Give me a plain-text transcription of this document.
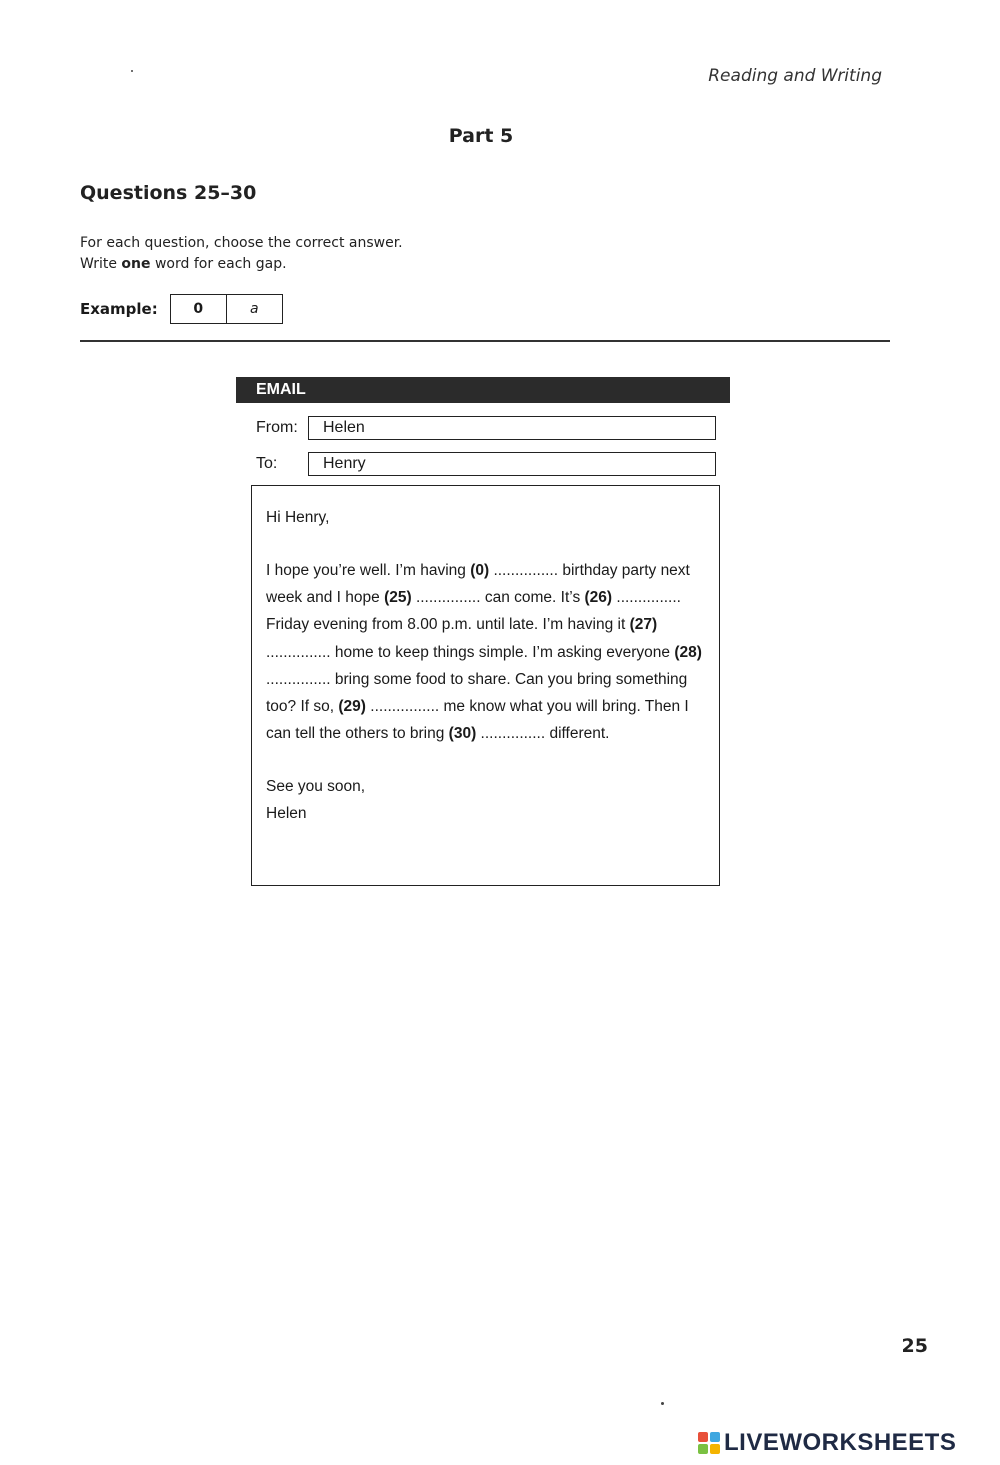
Reading and Writing
Part 5
Questions 25–30
For each question, choose the correct answer.
Write one word for each gap.
Example:	0	a
EMAIL
From:	Helen
To:	Henry

Hi Henry,

I hope you’re well. I’m having (0) ............... birthday party next week and I hope (25) ............... can come. It’s (26) ............... Friday evening from 8.00 p.m. until late. I’m having it (27) ............... home to keep things simple. I’m asking everyone (28) ............... bring some food to share. Can you bring something too? If so, (29) ................ me know what you will bring. Then I can tell the others to bring (30) ............... different.

See you soon,
Helen
25
LIVEWORKSHEETS
